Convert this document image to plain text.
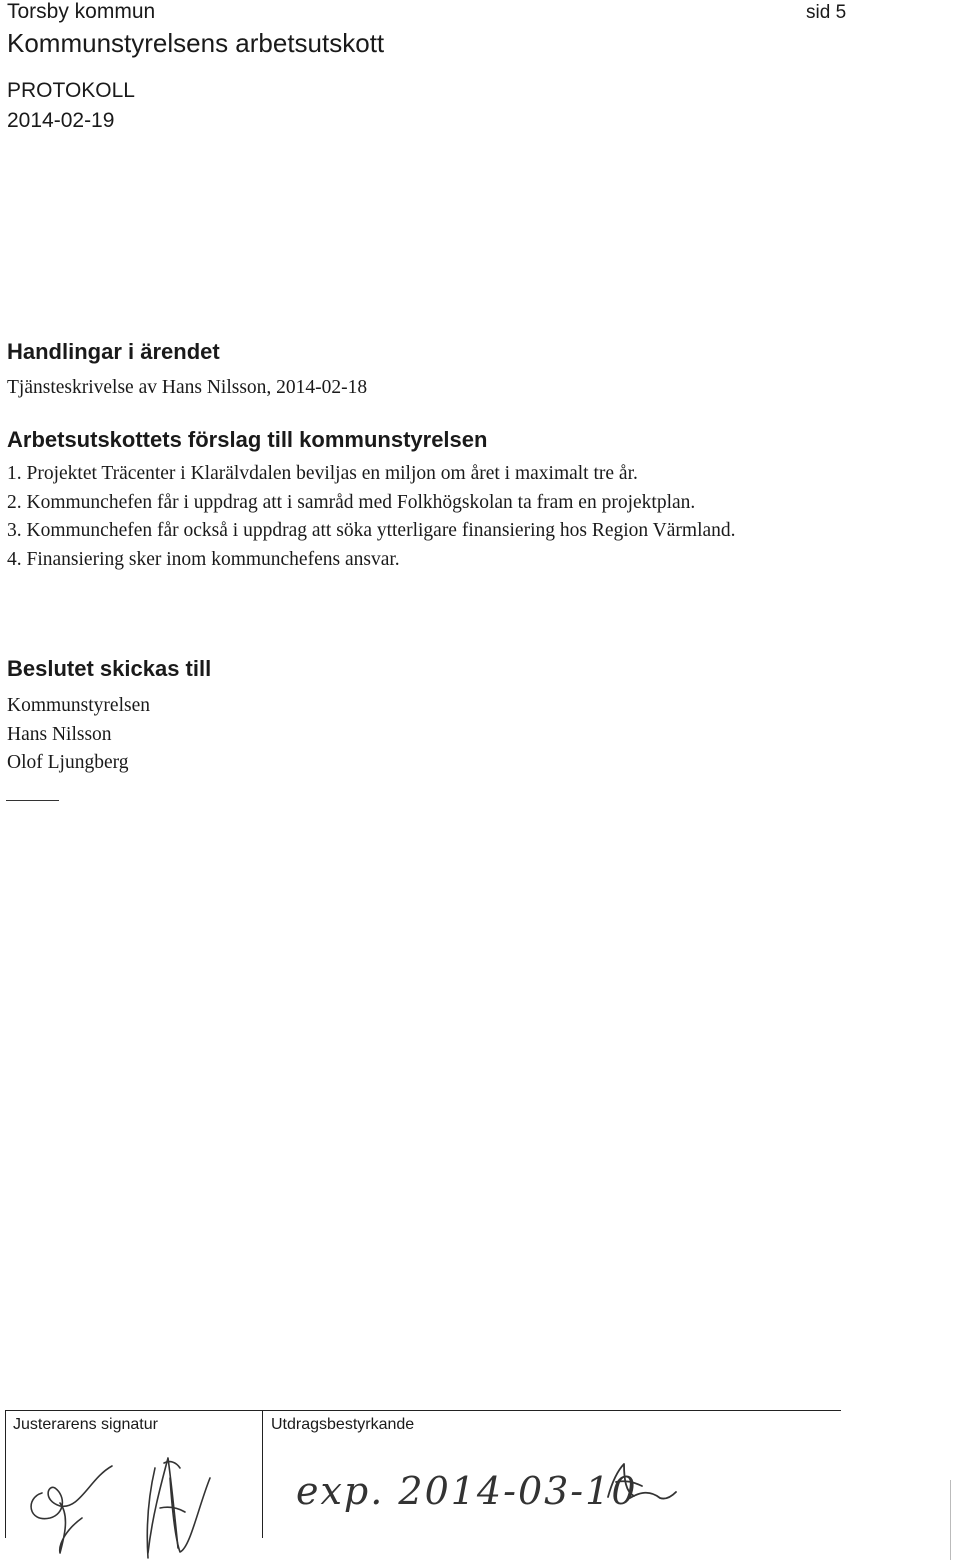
Torsby kommun
Kommunstyrelsens arbetsutskott
sid 5
PROTOKOLL
2014-02-19
Handlingar i ärendet
Tjänsteskrivelse av Hans Nilsson, 2014-02-18
Arbetsutskottets förslag till kommunstyrelsen
1. Projektet Träcenter i Klarälvdalen beviljas en miljon om året i maximalt tre år.
2. Kommunchefen får i uppdrag att i samråd med Folkhögskolan ta fram en projektplan.
3. Kommunchefen får också i uppdrag att söka ytterligare finansiering hos Region Värmland.
4. Finansiering sker inom kommunchefens ansvar.
Beslutet skickas till
Kommunstyrelsen
Hans Nilsson
Olof Ljungberg
Justerarens signatur	Utdragsbestyrkande
exp. 2014-03-10
